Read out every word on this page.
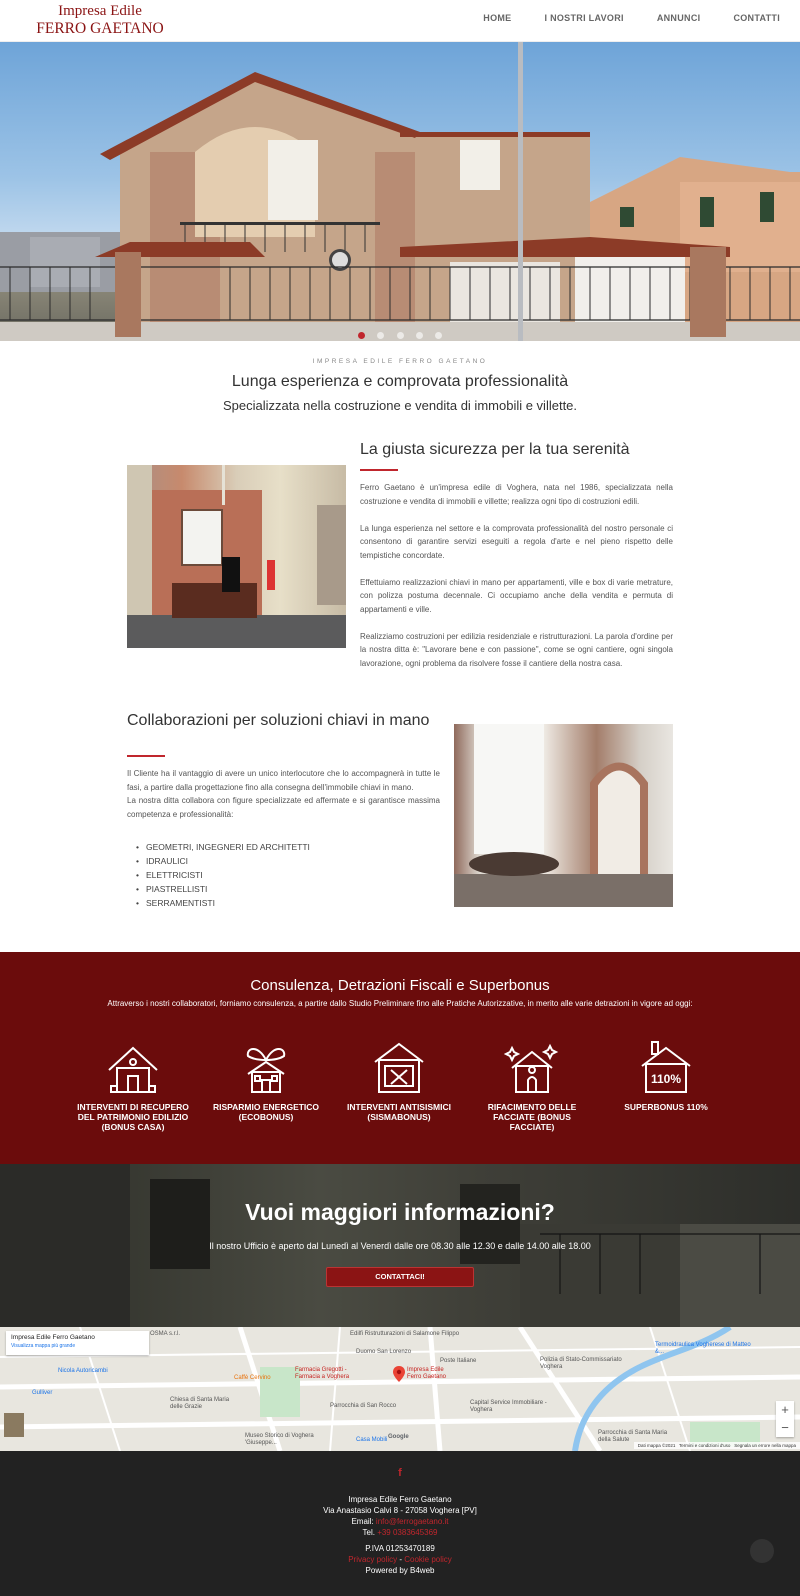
Impresa Edile
FERRO GAETANO
HOME	I NOSTRI LAVORI	ANNUNCI	CONTATTI

IMPRESA EDILE FERRO GAETANO
Lunga esperienza e comprovata professionalità
Specializzata nella costruzione e vendita di immobili e villette.
La giusta sicurezza per la tua serenità

Ferro Gaetano è un'impresa edile di Voghera, nata nel 1986, specializzata nella costruzione e vendita di immobili e villette; realizza ogni tipo di costruzioni edili.

La lunga esperienza nel settore e la comprovata professionalità del nostro personale ci consentono di garantire servizi eseguiti a regola d'arte e nel pieno rispetto delle tempistiche concordate.

Effettuiamo realizzazioni chiavi in mano per appartamenti, ville e box di varie metrature, con polizza postuma decennale. Ci occupiamo anche della vendita e permuta di appartamenti e ville.

Realizziamo costruzioni per edilizia residenziale e ristrutturazioni. La parola d'ordine per la nostra ditta è: "Lavorare bene e con passione", come se ogni cantiere, ogni singola lavorazione, ogni problema da risolvere fosse il cantiere della nostra casa.

Collaborazioni per soluzioni chiavi in mano

Il Cliente ha il vantaggio di avere un unico interlocutore che lo accompagnerà in tutte le fasi, a partire dalla progettazione fino alla consegna dell'immobile chiavi in mano.

La nostra ditta collabora con figure specializzate ed affermate e si garantisce massima competenza e professionalità:

• GEOMETRI, INGEGNERI ED ARCHITETTI
• IDRAULICI
• ELETTRICISTI
• PIASTRELLISTI
• SERRAMENTISTI
Consulenza, Detrazioni Fiscali e Superbonus
Attraverso i nostri collaboratori, forniamo consulenza, a partire dallo Studio Preliminare fino alle Pratiche Autorizzative, in merito alle varie detrazioni in vigore ad oggi:
INTERVENTI DI RECUPERO DEL PATRIMONIO EDILIZIO (BONUS CASA)
RISPARMIO ENERGETICO (ECOBONUS)
INTERVENTI ANTISISMICI (SISMABONUS)
RIFACIMENTO DELLE FACCIATE (BONUS FACCIATE)
110%
SUPERBONUS 110%
Vuoi maggiori informazioni?
Il nostro Ufficio è aperto dal Lunedì al Venerdì dalle ore 08.30 alle 12.30 e dalle 14.00 alle 18.00
CONTATTACI!
Impresa Edile Ferro Gaetano
Visualizza mappa più grande
Impresa Edile Ferro Gaetano
Edilfi Ristrutturazioni di Salamone Filippo
Duomo San Lorenzo
Poste Italiane	Polizia di Stato-Commissariato Voghera
Termoidraulica Vogherese di Matteo &...
Nicola Autoricambi
Caffè Cervino
Farmacia Gregotti - Farmacia a Voghera
Gulliver
Chiesa di Santa Maria delle Grazie	Parrocchia di San Rocco	Capital Service Immobiliare - Voghera
Museo Storico di Voghera 'Giuseppe...	Casa Mobili
Parrocchia di Santa Maria della Salute
OSMA s.r.l.
Google
+
−
Dati mappa ©2021 Termini e condizioni d'uso Segnala un errore nella mappa
f
Impresa Edile Ferro Gaetano
Via Anastasio Calvi 8 - 27058 Voghera [PV]
Email: info@ferrogaetano.it
Tel. +39 0383645369
P.IVA 01253470189
Privacy policy - Cookie policy
Powered by B4web
